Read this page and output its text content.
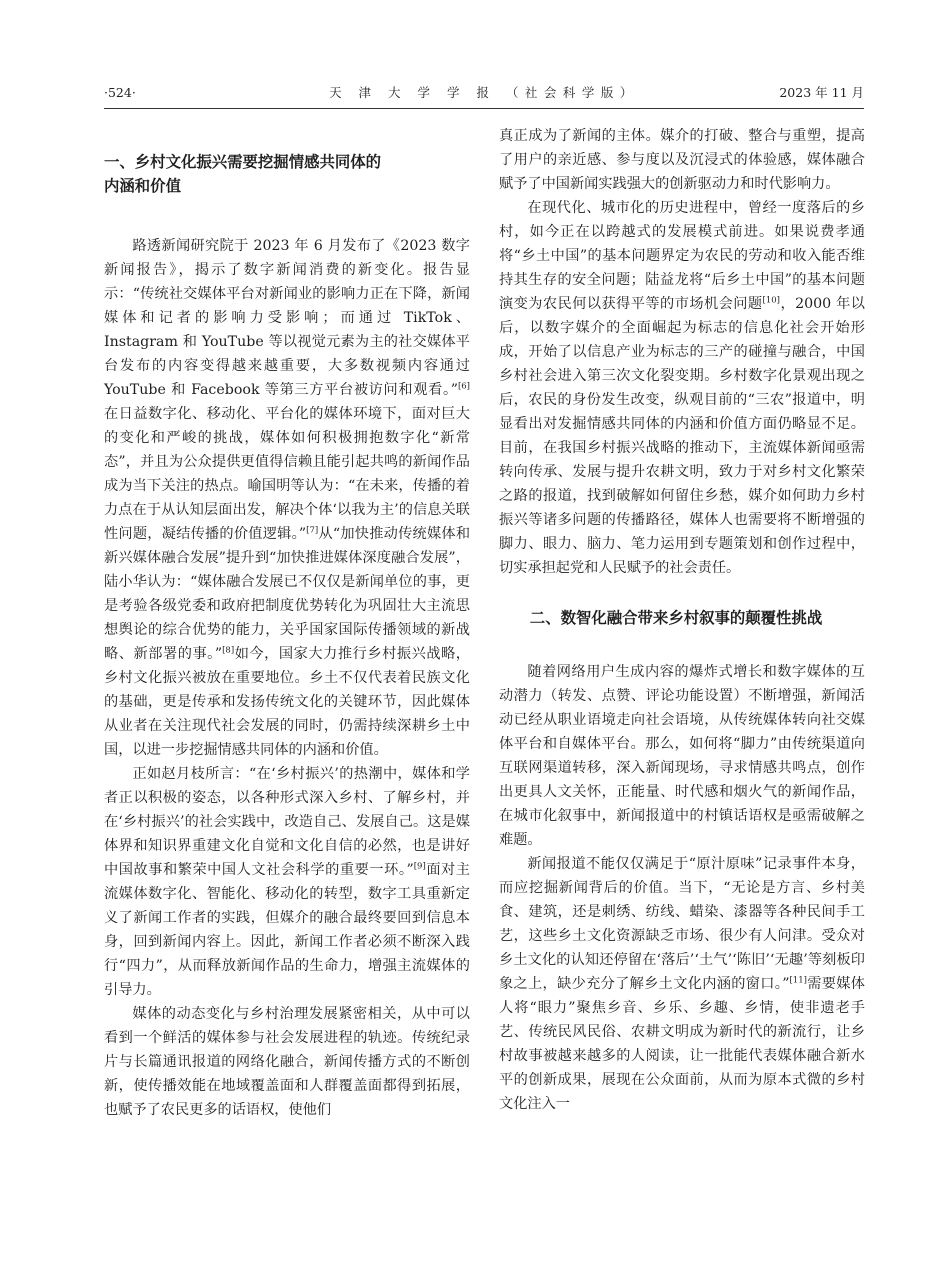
·524·	天 津 大 学 学 报 （社会科学版）	2023 年 11 月
一、乡村文化振兴需要挖掘情感共同体的
内涵和价值

路透新闻研究院于 2023 年 6 月发布了《2023 数字新闻报告》，揭示了数字新闻消费的新变化。报告显示：“传统社交媒体平台对新闻业的影响力正在下降，新闻媒体和记者的影响力受影响；而通过 TikTok、Instagram 和 YouTube 等以视觉元素为主的社交媒体平台发布的内容变得越来越重要，大多数视频内容通过 YouTube 和 Facebook 等第三方平台被访问和观看。”[6]在日益数字化、移动化、平台化的媒体环境下，面对巨大的变化和严峻的挑战，媒体如何积极拥抱数字化“新常态”，并且为公众提供更值得信赖且能引起共鸣的新闻作品成为当下关注的热点。喻国明等认为：“在未来，传播的着力点在于从认知层面出发，解决个体‘以我为主’的信息关联性问题，凝结传播的价值逻辑。”[7]从“加快推动传统媒体和新兴媒体融合发展”提升到“加快推进媒体深度融合发展”，陆小华认为：“媒体融合发展已不仅仅是新闻单位的事，更是考验各级党委和政府把制度优势转化为巩固壮大主流思想舆论的综合优势的能力，关乎国家国际传播领域的新战略、新部署的事。”[8]如今，国家大力推行乡村振兴战略，乡村文化振兴被放在重要地位。乡土不仅代表着民族文化的基础，更是传承和发扬传统文化的关键环节，因此媒体从业者在关注现代社会发展的同时，仍需持续深耕乡土中国，以进一步挖掘情感共同体的内涵和价值。

正如赵月枝所言：“在‘乡村振兴’的热潮中，媒体和学者正以积极的姿态，以各种形式深入乡村、了解乡村，并在‘乡村振兴’的社会实践中，改造自己、发展自己。这是媒体界和知识界重建文化自觉和文化自信的必然，也是讲好中国故事和繁荣中国人文社会科学的重要一环。”[9]面对主流媒体数字化、智能化、移动化的转型，数字工具重新定义了新闻工作者的实践，但媒介的融合最终要回到信息本身，回到新闻内容上。因此，新闻工作者必须不断深入践行“四力”，从而释放新闻作品的生命力，增强主流媒体的引导力。

媒体的动态变化与乡村治理发展紧密相关，从中可以看到一个鲜活的媒体参与社会发展进程的轨迹。传统纪录片与长篇通讯报道的网络化融合，新闻传播方式的不断创新，使传播效能在地域覆盖面和人群覆盖面都得到拓展，也赋予了农民更多的话语权，使他们

真正成为了新闻的主体。媒介的打破、整合与重塑，提高了用户的亲近感、参与度以及沉浸式的体验感，媒体融合赋予了中国新闻实践强大的创新驱动力和时代影响力。

在现代化、城市化的历史进程中，曾经一度落后的乡村，如今正在以跨越式的发展模式前进。如果说费孝通将“乡土中国”的基本问题界定为农民的劳动和收入能否维持其生存的安全问题；陆益龙将“后乡土中国”的基本问题演变为农民何以获得平等的市场机会问题[10]，2000 年以后，以数字媒介的全面崛起为标志的信息化社会开始形成，开始了以信息产业为标志的三产的碰撞与融合，中国乡村社会进入第三次文化裂变期。乡村数字化景观出现之后，农民的身份发生改变，纵观目前的“三农”报道中，明显看出对发掘情感共同体的内涵和价值方面仍略显不足。目前，在我国乡村振兴战略的推动下，主流媒体新闻亟需转向传承、发展与提升农耕文明，致力于对乡村文化繁荣之路的报道，找到破解如何留住乡愁，媒介如何助力乡村振兴等诸多问题的传播路径，媒体人也需要将不断增强的脚力、眼力、脑力、笔力运用到专题策划和创作过程中，切实承担起党和人民赋予的社会责任。

二、数智化融合带来乡村叙事的颠覆性挑战

随着网络用户生成内容的爆炸式增长和数字媒体的互动潜力（转发、点赞、评论功能设置）不断增强，新闻活动已经从职业语境走向社会语境，从传统媒体转向社交媒体平台和自媒体平台。那么，如何将“脚力”由传统渠道向互联网渠道转移，深入新闻现场，寻求情感共鸣点，创作出更具人文关怀，正能量、时代感和烟火气的新闻作品，在城市化叙事中，新闻报道中的村镇话语权是亟需破解之难题。

新闻报道不能仅仅满足于“原汁原味”记录事件本身，而应挖掘新闻背后的价值。当下，“无论是方言、乡村美食、建筑，还是刺绣、纺线、蜡染、漆器等各种民间手工艺，这些乡土文化资源缺乏市场、很少有人问津。受众对乡土文化的认知还停留在‘落后’‘土气’‘陈旧’‘无趣’等刻板印象之上，缺少充分了解乡土文化内涵的窗口。”[11]需要媒体人将“眼力”聚焦乡音、乡乐、乡趣、乡情，使非遗老手艺、传统民风民俗、农耕文明成为新时代的新流行，让乡村故事被越来越多的人阅读，让一批能代表媒体融合新水平的创新成果，展现在公众面前，从而为原本式微的乡村文化注入一
